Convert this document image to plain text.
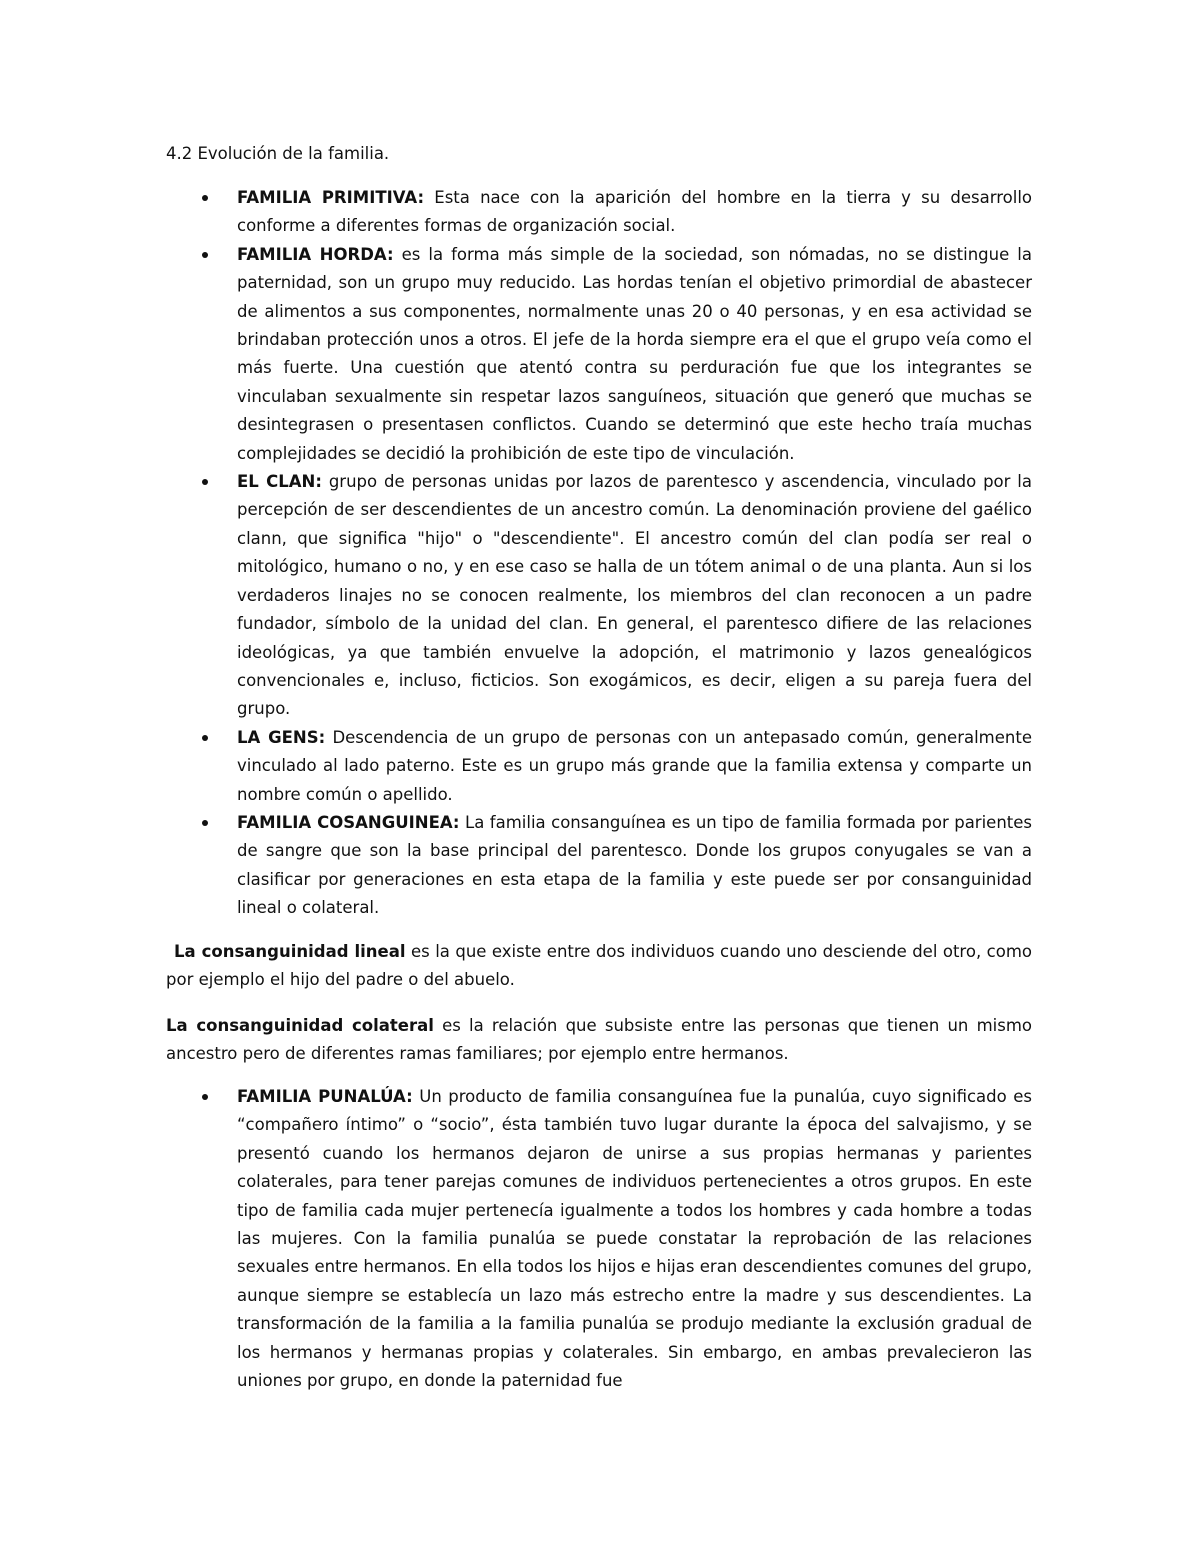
4.2 Evolución de la familia.
FAMILIA PRIMITIVA: Esta nace con la aparición del hombre en la tierra y su desarrollo conforme a diferentes formas de organización social.
FAMILIA HORDA: es la forma más simple de la sociedad, son nómadas, no se distingue la paternidad, son un grupo muy reducido. Las hordas tenían el objetivo primordial de abastecer de alimentos a sus componentes, normalmente unas 20 o 40 personas, y en esa actividad se brindaban protección unos a otros. El jefe de la horda siempre era el que el grupo veía como el más fuerte. Una cuestión que atentó contra su perduración fue que los integrantes se vinculaban sexualmente sin respetar lazos sanguíneos, situación que generó que muchas se desintegrasen o presentasen conflictos. Cuando se determinó que este hecho traía muchas complejidades se decidió la prohibición de este tipo de vinculación.
EL CLAN: grupo de personas unidas por lazos de parentesco y ascendencia, vinculado por la percepción de ser descendientes de un ancestro común. La denominación proviene del gaélico clann, que significa "hijo" o "descendiente". El ancestro común del clan podía ser real o mitológico, humano o no, y en ese caso se halla de un tótem animal o de una planta. Aun si los verdaderos linajes no se conocen realmente, los miembros del clan reconocen a un padre fundador, símbolo de la unidad del clan. En general, el parentesco difiere de las relaciones ideológicas, ya que también envuelve la adopción, el matrimonio y lazos genealógicos convencionales e, incluso, ficticios. Son exogámicos, es decir, eligen a su pareja fuera del grupo.
LA GENS: Descendencia de un grupo de personas con un antepasado común, generalmente vinculado al lado paterno. Este es un grupo más grande que la familia extensa y comparte un nombre común o apellido.
FAMILIA COSANGUINEA: La familia consanguínea es un tipo de familia formada por parientes de sangre que son la base principal del parentesco. Donde los grupos conyugales se van a clasificar por generaciones en esta etapa de la familia y este puede ser por consanguinidad lineal o colateral.

La consanguinidad lineal es la que existe entre dos individuos cuando uno desciende del otro, como por ejemplo el hijo del padre o del abuelo.

La consanguinidad colateral es la relación que subsiste entre las personas que tienen un mismo ancestro pero de diferentes ramas familiares; por ejemplo entre hermanos.

FAMILIA PUNALÚA: Un producto de familia consanguínea fue la punalúa, cuyo significado es “compañero íntimo” o “socio”, ésta también tuvo lugar durante la época del salvajismo, y se presentó cuando los hermanos dejaron de unirse a sus propias hermanas y parientes colaterales, para tener parejas comunes de individuos pertenecientes a otros grupos. En este tipo de familia cada mujer pertenecía igualmente a todos los hombres y cada hombre a todas las mujeres. Con la familia punalúa se puede constatar la reprobación de las relaciones sexuales entre hermanos. En ella todos los hijos e hijas eran descendientes comunes del grupo, aunque siempre se establecía un lazo más estrecho entre la madre y sus descendientes. La transformación de la familia a la familia punalúa se produjo mediante la exclusión gradual de los hermanos y hermanas propias y colaterales. Sin embargo, en ambas prevalecieron las uniones por grupo, en donde la paternidad fue
